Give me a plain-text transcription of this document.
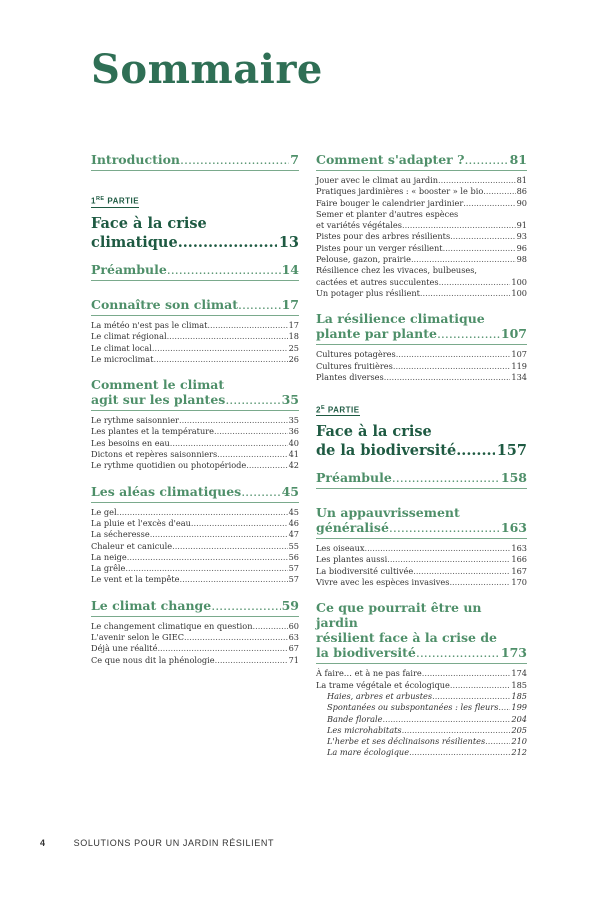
Sommaire
Introduction .....	7
1RE PARTIE
Face à la crise
climatique .....	13
Préambule .....	14
Connaître son climat .....	17
La météo n'est pas le climat .....	17
Le climat régional .....	18
Le climat local .....	25
Le microclimat .....	26
Comment le climat
agit sur les plantes .....	35
Le rythme saisonnier .....	35
Les plantes et la température .....	36
Les besoins en eau .....	40
Dictons et repères saisonniers .....	41
Le rythme quotidien ou photopériode .....	42
Les aléas climatiques .....	45
Le gel .....	45
La pluie et l'excès d'eau .....	46
La sécheresse .....	47
Chaleur et canicule .....	55
La neige .....	56
La grêle .....	57
Le vent et la tempête .....	57
Le climat change .....	59
Le changement climatique en question .....	60
L'avenir selon le GIEC .....	63
Déjà une réalité .....	67
Ce que nous dit la phénologie .....	71
Comment s'adapter ? .....	81
Jouer avec le climat au jardin .....	81
Pratiques jardinières : « booster » le bio .....	86
Faire bouger le calendrier jardinier .....	90
Semer et planter d'autres espèces
et variétés végétales .....	91
Pistes pour des arbres résilients .....	93
Pistes pour un verger résilient .....	96
Pelouse, gazon, prairie .....	98
Résilience chez les vivaces, bulbeuses,
cactées et autres succulentes .....	100
Un potager plus résilient .....	100
La résilience climatique
plante par plante .....	107
Cultures potagères .....	107
Cultures fruitières .....	119
Plantes diverses .....	134
$2^E$ PARTIE
Face à la crise
de la biodiversité .....	157
Préambule .....	158
Un appauvrissement
généralisé .....	163
Les oiseaux .....	163
Les plantes aussi .....	166
La biodiversité cultivée .....	167
Vivre avec les espèces invasives .....	170
Ce que pourrait être un jardin
résilient face à la crise de
la biodiversité .....	173
À faire… et à ne pas faire .....	174
La trame végétale et écologique .....	185
Haies, arbres et arbustes .....	185
Spontanées ou subspontanées : les fleurs ..... 199
Bande florale .....	204
Les microhabitats .....	205
L'herbe et ses déclinaisons résilientes .....	210
La mare écologique .....	212
4	SOLUTIONS POUR UN JARDIN RÉSILIENT
